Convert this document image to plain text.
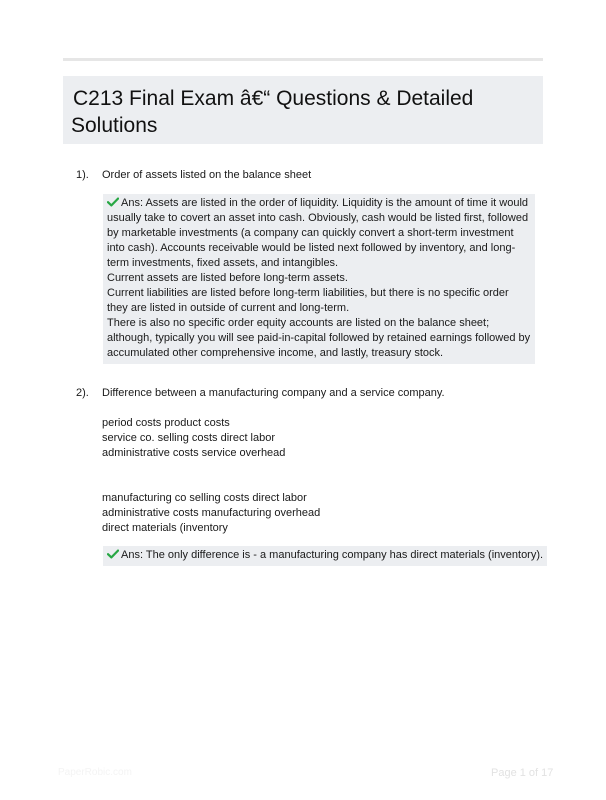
C213 Final Exam â€“ Questions & Detailed
Solutions
1). Order of assets listed on the balance sheet

Ans: Assets are listed in the order of liquidity. Liquidity is the amount of time it would usually take to covert an asset into cash. Obviously, cash would be listed first, followed by marketable investments (a company can quickly convert a short-term investment into cash). Accounts receivable would be listed next followed by inventory, and long-term investments, fixed assets, and intangibles.

Current assets are listed before long-term assets.

Current liabilities are listed before long-term liabilities, but there is no specific order they are listed in outside of current and long-term.

There is also no specific order equity accounts are listed on the balance sheet; although, typically you will see paid-in-capital followed by retained earnings followed by accumulated other comprehensive income, and lastly, treasury stock.

2). Difference between a manufacturing company and a service company.
period costs product costs
service co. selling costs direct labor
administrative costs service overhead
manufacturing co selling costs direct labor
administrative costs manufacturing overhead
direct materials (inventory
Ans: The only difference is - a manufacturing company has direct materials (inventory).
PaperRobic.com	Page 1 of 17
